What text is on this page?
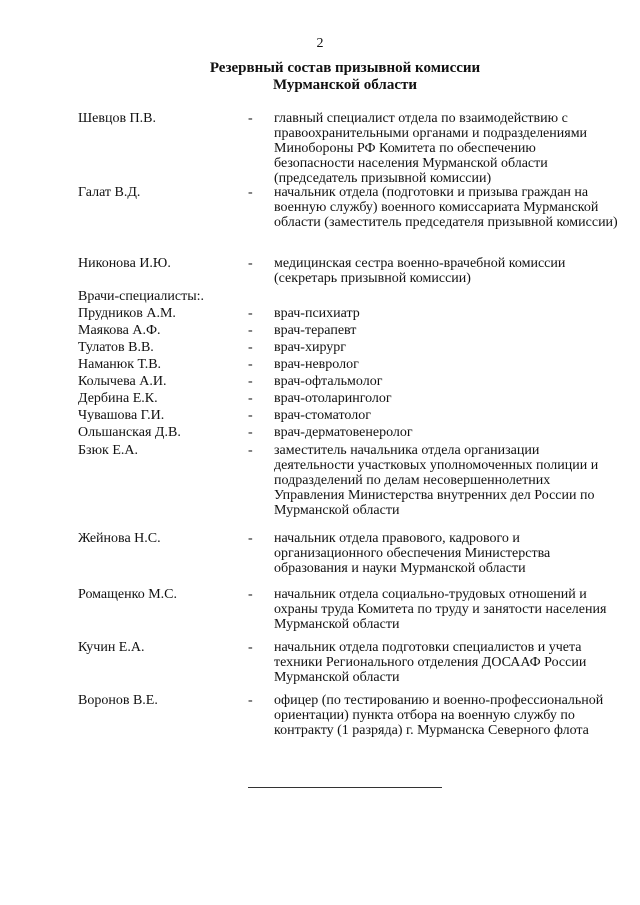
2
Резервный состав призывной комиссии
Мурманской области
Шевцов П.В.	- главный специалист отдела по взаимодействию с правоохранительными органами и подразделениями Минобороны РФ Комитета по обеспечению безопасности населения Мурманской области (председатель призывной комиссии)
Галат В.Д.	- начальник отдела (подготовки и призыва граждан на военную службу) военного комиссариата Мурманской области (заместитель председателя призывной комиссии)
Никонова И.Ю.	- медицинская сестра военно-врачебной комиссии (секретарь призывной комиссии)
Врачи-специалисты:.
Прудников А.М.	- врач-психиатр
Маякова А.Ф.	- врач-терапевт
Тулатов В.В.	- врач-хирург
Наманюк Т.В.	- врач-невролог
Колычева А.И.	- врач-офтальмолог
Дербина Е.К.	- врач-отоларинголог
Чувашова Г.И.	- врач-стоматолог
Ольшанская Д.В.	- врач-дерматовенеролог
Бзюк Е.А.	- заместитель начальника отдела организации деятельности участковых уполномоченных полиции и подразделений по делам несовершеннолетних Управления Министерства внутренних дел России по Мурманской области
Жейнова Н.С.	- начальник отдела правового, кадрового и организационного обеспечения Министерства образования и науки Мурманской области
Ромащенко М.С.	- начальник отдела социально-трудовых отношений и охраны труда Комитета по труду и занятости населения Мурманской области
Кучин Е.А.	- начальник отдела подготовки специалистов и учета техники Регионального отделения ДОСААФ России Мурманской области
Воронов В.Е.	- офицер (по тестированию и военно-профессиональной ориентации) пункта отбора на военную службу по контракту (1 разряда) г. Мурманска Северного флота
